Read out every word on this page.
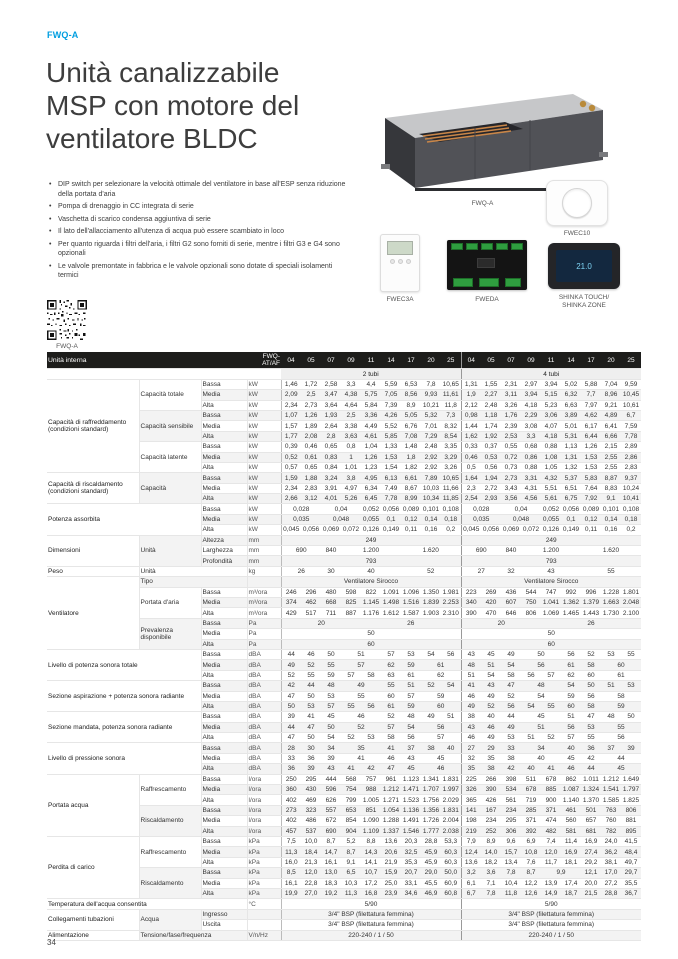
FWQ-A
Unità canalizzabile
MSP con motore del
ventilatore BLDC
• DIP switch per selezionare la velocità ottimale del ventilatore in base all'ESP senza riduzione della portata d'aria
• Pompa di drenaggio in CC integrata di serie
• Vaschetta di scarico condensa aggiuntiva di serie
• Il lato dell'allacciamento all'utenza di acqua può essere scambiato in loco
• Per quanto riguarda i filtri dell'aria, i filtri G2 sono forniti di serie, mentre i filtri G3 e G4 sono opzionali
• Le valvole premontate in fabbrica e le valvole opzionali sono dotate di speciali isolamenti termici
FWQ-A
FWEC10
FWEC3A	FWEDA
21.0
SHINKA TOUCH/
SHINKA ZONE
FWQ-A
Unità interna			FWQ-AT/AF	04	05	07	09	11	14	17	20	25	04	05	07	09	11	14	17	20	25
				2 tubi									4 tubi								
Capacità di raffreddamento (condizioni standard)	Capacità totale	Bassa	kW	1,46	1,72	2,58	3,3	4,4	5,59	6,53	7,8	10,65	1,31	1,55	2,31	2,97	3,94	5,02	5,88	7,04	9,59
		Media	kW	2,09	2,5	3,47	4,38	5,75	7,05	8,56	9,93	11,61	1,9	2,27	3,11	3,94	5,15	6,32	7,7	8,96	10,45
		Alta	kW	2,34	2,73	3,64	4,64	5,84	7,39	8,9	10,21	11,8	2,12	2,48	3,26	4,18	5,23	6,63	7,97	9,21	10,61
	Capacità sensibile	Bassa	kW	1,07	1,26	1,93	2,5	3,36	4,26	5,05	5,32	7,3	0,98	1,18	1,76	2,29	3,06	3,89	4,62	4,89	6,7
		Media	kW	1,57	1,89	2,64	3,38	4,49	5,52	6,76	7,01	8,32	1,44	1,74	2,39	3,08	4,07	5,01	6,17	6,41	7,59
		Alta	kW	1,77	2,08	2,8	3,63	4,61	5,85	7,08	7,29	8,54	1,62	1,92	2,53	3,3	4,18	5,31	6,44	6,66	7,78
	Capacità latente	Bassa	kW	0,39	0,46	0,65	0,8	1,04	1,33	1,48	2,48	3,35	0,33	0,37	0,55	0,68	0,88	1,13	1,26	2,15	2,89
		Media	kW	0,52	0,61	0,83	1	1,26	1,53	1,8	2,92	3,29	0,46	0,53	0,72	0,86	1,08	1,31	1,53	2,55	2,86
		Alta	kW	0,57	0,65	0,84	1,01	1,23	1,54	1,82	2,92	3,26	0,5	0,56	0,73	0,88	1,05	1,32	1,53	2,55	2,83
Capacità di riscaldamento (condizioni standard)	Capacità	Bassa	kW	1,59	1,88	3,24	3,8	4,95	6,13	6,61	7,89	10,65	1,64	1,94	2,73	3,31	4,32	5,37	5,83	8,87	9,37
		Media	kW	2,34	2,83	3,91	4,97	6,34	7,49	8,67	10,03	11,66	2,3	2,72	3,43	4,31	5,51	6,51	7,64	8,83	10,24
		Alta	kW	2,66	3,12	4,01	5,26	6,45	7,78	8,99	10,34	11,85	2,54	2,93	3,56	4,56	5,61	6,75	7,92	9,1	10,41
Potenza assorbita		Bassa	kW	0,028		0,04		0,052	0,056	0,089	0,101	0,108	0,028		0,04		0,052	0,056	0,089	0,101	0,108
		Media	kW	0,035		0,048		0,055	0,1	0,12	0,14	0,18	0,035		0,048		0,055	0,1	0,12	0,14	0,18
		Alta	kW	0,045	0,056	0,069	0,072	0,126	0,149	0,11	0,16	0,2	0,045	0,056	0,069	0,072	0,126	0,149	0,11	0,16	0,2
Dimensioni	Unità	Altezza	mm	249									249								
		Larghezza	mm	690		840	1.200			1.620			690		840	1.200			1.620		
		Profondità	mm	793									793								
Peso	Unità		kg	26		30	40			52			27		32	43			55		
Ventilatore	Tipo			Ventilatore Sirocco									Ventilatore Sirocco								
	Portata d'aria	Bassa	m³/ora	246	296	480	598	822	1.091	1.096	1.350	1.981	223	269	436	544	747	992	996	1.228	1.801
		Media	m³/ora	374	462	668	825	1.145	1.498	1.516	1.839	2.253	340	420	607	750	1.041	1.362	1.379	1.663	2.048
		Alta	m³/ora	429	517	711	887	1.176	1.612	1.587	1.903	2.310	390	470	646	806	1.069	1.465	1.443	1.730	2.100
	Prevalenza disponibile	Bassa	Pa	20				26					20				26				
		Media	Pa	50									50								
		Alta	Pa	60									60								
Livello di potenza sonora totale		Bassa	dBA	44	46	50	51		57	53	54	56	43	45	49	50		56	52	53	55
		Media	dBA	49	52	55	57		62	59	61		48	51	54	56		61	58	60	
		Alta	dBA	52	55	59	57	58	63	61	62		51	54	58	56	57	62	60	61	
Sezione aspirazione + potenza sonora radiante		Bassa	dBA	42	44	48	49		55	51	52	54	41	43	47	48		54	50	51	53
		Media	dBA	47	50	53	55		60	57	59		46	49	52	54		59	56	58	
		Alta	dBA	50	53	57	55	56	61	59	60		49	52	56	54	55	60	58	59	
Sezione mandata, potenza sonora radiante		Bassa	dBA	39	41	45	46		52	48	49	51	38	40	44	45		51	47	48	50
		Media	dBA	44	47	50	52		57	54	56		43	46	49	51		56	53	55	
		Alta	dBA	47	50	54	52	53	58	56	57		46	49	53	51	52	57	55	56	
Livello di pressione sonora		Bassa	dBA	28	30	34	35		41	37	38	40	27	29	33	34		40	36	37	39
		Media	dBA	33	36	39	41		46	43	45		32	35	38	40		45	42	44	
		Alta	dBA	36	39	43	41	42	47	45	46		35	38	42	40	41	46	44	45	
Portata acqua	Raffrescamento	Bassa	l/ora	250	295	444	568	757	961	1.123	1.341	1.831	225	266	398	511	678	862	1.011	1.212	1.649
		Media	l/ora	360	430	596	754	988	1.212	1.471	1.707	1.997	326	390	534	678	885	1.087	1.324	1.541	1.797
		Alta	l/ora	402	469	626	799	1.005	1.271	1.523	1.756	2.029	365	426	561	719	900	1.140	1.370	1.585	1.825
	Riscaldamento	Bassa	l/ora	273	323	557	653	851	1.054	1.136	1.356	1.831	141	167	234	285	371	461	501	763	806
		Media	l/ora	402	486	672	854	1.090	1.288	1.491	1.726	2.004	198	234	295	371	474	560	657	760	881
		Alta	l/ora	457	537	690	904	1.109	1.337	1.546	1.777	2.038	219	252	306	392	482	581	681	782	895
Perdita di carico	Raffrescamento	Bassa	kPa	7,5	10,0	8,7	5,2	8,8	13,6	20,3	28,8	53,3	7,9	8,9	9,6	6,9	7,4	11,4	16,9	24,0	41,5
		Media	kPa	11,3	18,4	14,7	8,7	14,3	20,6	32,5	45,9	60,3	12,4	14,0	15,7	10,8	12,0	16,9	27,4	36,2	48,4
		Alta	kPa	16,0	21,3	16,1	9,1	14,1	21,9	35,3	45,9	60,3	13,6	18,2	13,4	7,6	11,7	18,1	29,2	38,1	49,7
	Riscaldamento	Bassa	kPa	8,5	12,0	13,0	6,5	10,7	15,9	20,7	29,0	50,0	3,2	3,6	7,8	8,7	9,9		12,1	17,0	29,7
		Media	kPa	16,1	22,8	18,3	10,3	17,2	25,0	33,1	45,5	60,9	6,1	7,1	10,4	12,2	13,9	17,4	20,0	27,2	35,5
		Alta	kPa	19,9	27,0	19,2	11,3	16,8	23,9	34,6	46,9	60,8	6,7	7,8	11,8	12,6	14,9	18,7	21,5	28,8	36,7
Temperatura dell'acqua consentita			°C	5/90									5/90								
Collegamenti tubazioni	Acqua	Ingresso		3/4" BSP (filettatura femmina)									3/4" BSP (filettatura femmina)								
		Uscita		3/4" BSP (filettatura femmina)									3/4" BSP (filettatura femmina)								
Alimentazione	Tensione/fase/frequenza		V/n/Hz	220-240 / 1 / 50									220-240 / 1 / 50								
34
